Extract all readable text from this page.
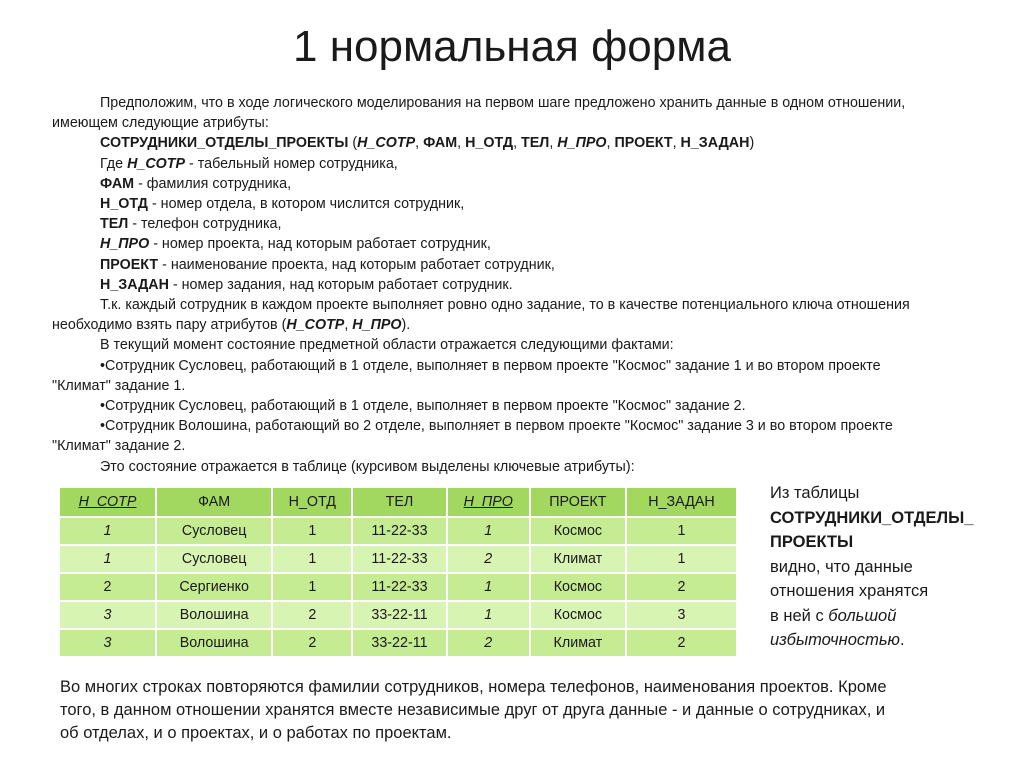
1 нормальная форма

Предположим, что в ходе логического моделирования на первом шаге предложено хранить данные в одном отношении,

имеющем следующие атрибуты:

СОТРУДНИКИ_ОТДЕЛЫ_ПРОЕКТЫ (Н_СОТР, ФАМ, Н_ОТД, ТЕЛ, Н_ПРО, ПРОЕКТ, Н_ЗАДАН)

Где Н_СОТР - табельный номер сотрудника,

ФАМ - фамилия сотрудника,

Н_ОТД - номер отдела, в котором числится сотрудник,

ТЕЛ - телефон сотрудника,

Н_ПРО - номер проекта, над которым работает сотрудник,

ПРОЕКТ - наименование проекта, над которым работает сотрудник,

Н_ЗАДАН - номер задания, над которым работает сотрудник.

Т.к. каждый сотрудник в каждом проекте выполняет ровно одно задание, то в качестве потенциального ключа отношения

необходимо взять пару атрибутов (Н_СОТР, Н_ПРО).

В текущий момент состояние предметной области отражается следующими фактами:

•Сотрудник Сусловец, работающий в 1 отделе, выполняет в первом проекте "Космос" задание 1 и во втором проекте

"Климат" задание 1.

•Сотрудник Сусловец, работающий в 1 отделе, выполняет в первом проекте "Космос" задание 2.

•Сотрудник Волошина, работающий во 2 отделе, выполняет в первом проекте "Космос" задание 3 и во втором проекте

"Климат" задание 2.

Это состояние отражается в таблице (курсивом выделены ключевые атрибуты):

Н_СОТР	ФАМ	Н_ОТД	ТЕЛ	Н_ПРО	ПРОЕКТ	Н_ЗАДАН
1	Сусловец	1	11-22-33	1	Космос	1
1	Сусловец	1	11-22-33	2	Климат	1
2	Сергиенко	1	11-22-33	1	Космос	2
3	Волошина	2	33-22-11	1	Космос	3
3	Волошина	2	33-22-11	2	Климат	2
Из таблицы
СОТРУДНИКИ_ОТДЕЛЫ_
ПРОЕКТЫ
видно, что данные
отношения хранятся
в ней с большой
избыточностью.
Во многих строках повторяются фамилии сотрудников, номера телефонов, наименования проектов. Кроме
того, в данном отношении хранятся вместе независимые друг от друга данные - и данные о сотрудниках, и
об отделах, и о проектах, и о работах по проектам.
